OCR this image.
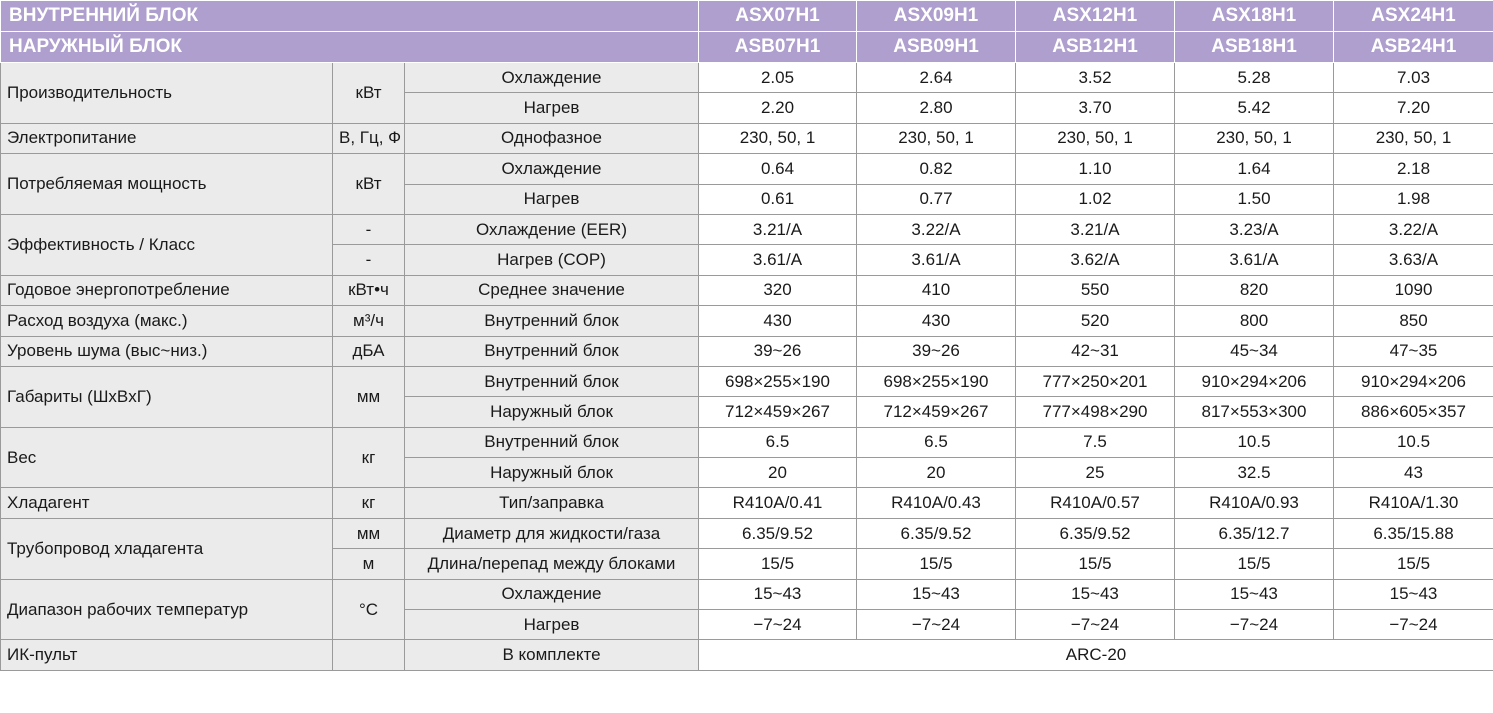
ВНУТРЕННИЙ БЛОК			ASX07H1	ASX09H1	ASX12H1	ASX18H1	ASX24H1
НАРУЖНЫЙ БЛОК			ASB07H1	ASB09H1	ASB12H1	ASB18H1	ASB24H1
Производительность	кВт	Охлаждение	2.05	2.64	3.52	5.28	7.03
		Нагрев	2.20	2.80	3.70	5.42	7.20
Электропитание	В, Гц, Ф	Однофазное	230, 50, 1	230, 50, 1	230, 50, 1	230, 50, 1	230, 50, 1
Потребляемая мощность	кВт	Охлаждение	0.64	0.82	1.10	1.64	2.18
		Нагрев	0.61	0.77	1.02	1.50	1.98
Эффективность / Класс	-	Охлаждение (EER)	3.21/A	3.22/A	3.21/A	3.23/A	3.22/A
	-	Нагрев (COP)	3.61/A	3.61/A	3.62/A	3.61/A	3.63/A
Годовое энергопотребление	кВт•ч	Среднее значение	320	410	550	820	1090
Расход воздуха (макс.)	м³/ч	Внутренний блок	430	430	520	800	850
Уровень шума (выс~низ.)	дБА	Внутренний блок	39~26	39~26	42~31	45~34	47~35
Габариты (ШxВxГ)	мм	Внутренний блок	698×255×190	698×255×190	777×250×201	910×294×206	910×294×206
		Наружный блок	712×459×267	712×459×267	777×498×290	817×553×300	886×605×357
Вес	кг	Внутренний блок	6.5	6.5	7.5	10.5	10.5
		Наружный блок	20	20	25	32.5	43
Хладагент	кг	Тип/заправка	R410A/0.41	R410A/0.43	R410A/0.57	R410A/0.93	R410A/1.30
Трубопровод хладагента	мм	Диаметр для жидкости/газа	6.35/9.52	6.35/9.52	6.35/9.52	6.35/12.7	6.35/15.88
	м	Длина/перепад между блоками	15/5	15/5	15/5	15/5	15/5
Диапазон рабочих температур	°С	Охлаждение	15~43	15~43	15~43	15~43	15~43
		Нагрев	−7~24	−7~24	−7~24	−7~24	−7~24
ИК-пульт		В комплекте	ARC-20				
